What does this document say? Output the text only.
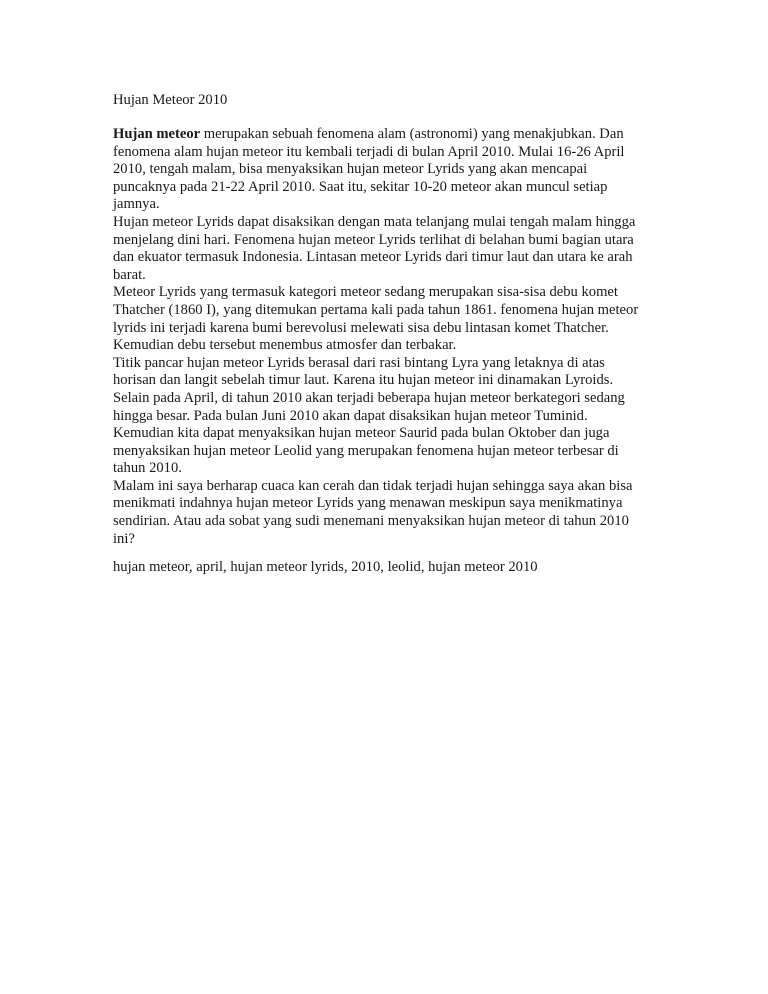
Hujan Meteor 2010
Hujan meteor merupakan sebuah fenomena alam (astronomi) yang menakjubkan. Dan
fenomena alam hujan meteor itu kembali terjadi di bulan April 2010. Mulai 16-26 April
2010, tengah malam, bisa menyaksikan hujan meteor Lyrids yang akan mencapai
puncaknya pada 21-22 April 2010. Saat itu, sekitar 10-20 meteor akan muncul setiap
jamnya.
Hujan meteor Lyrids dapat disaksikan dengan mata telanjang mulai tengah malam hingga
menjelang dini hari. Fenomena hujan meteor Lyrids terlihat di belahan bumi bagian utara
dan ekuator termasuk Indonesia. Lintasan meteor Lyrids dari timur laut dan utara ke arah
barat.
Meteor Lyrids yang termasuk kategori meteor sedang merupakan sisa-sisa debu komet
Thatcher (1860 I), yang ditemukan pertama kali pada tahun 1861. fenomena hujan meteor
lyrids ini terjadi karena bumi berevolusi melewati sisa debu lintasan komet Thatcher.
Kemudian debu tersebut menembus atmosfer dan terbakar.
Titik pancar hujan meteor Lyrids berasal dari rasi bintang Lyra yang letaknya di atas
horisan dan langit sebelah timur laut. Karena itu hujan meteor ini dinamakan Lyroids.
Selain pada April, di tahun 2010 akan terjadi beberapa hujan meteor berkategori sedang
hingga besar. Pada bulan Juni 2010 akan dapat disaksikan hujan meteor Tuminid.
Kemudian kita dapat menyaksikan hujan meteor Saurid pada bulan Oktober dan juga
menyaksikan hujan meteor Leolid yang merupakan fenomena hujan meteor terbesar di
tahun 2010.
Malam ini saya berharap cuaca kan cerah dan tidak terjadi hujan sehingga saya akan bisa
menikmati indahnya hujan meteor Lyrids yang menawan meskipun saya menikmatinya
sendirian. Atau ada sobat yang sudi menemani menyaksikan hujan meteor di tahun 2010
ini?

hujan meteor, april, hujan meteor lyrids, 2010, leolid, hujan meteor 2010
